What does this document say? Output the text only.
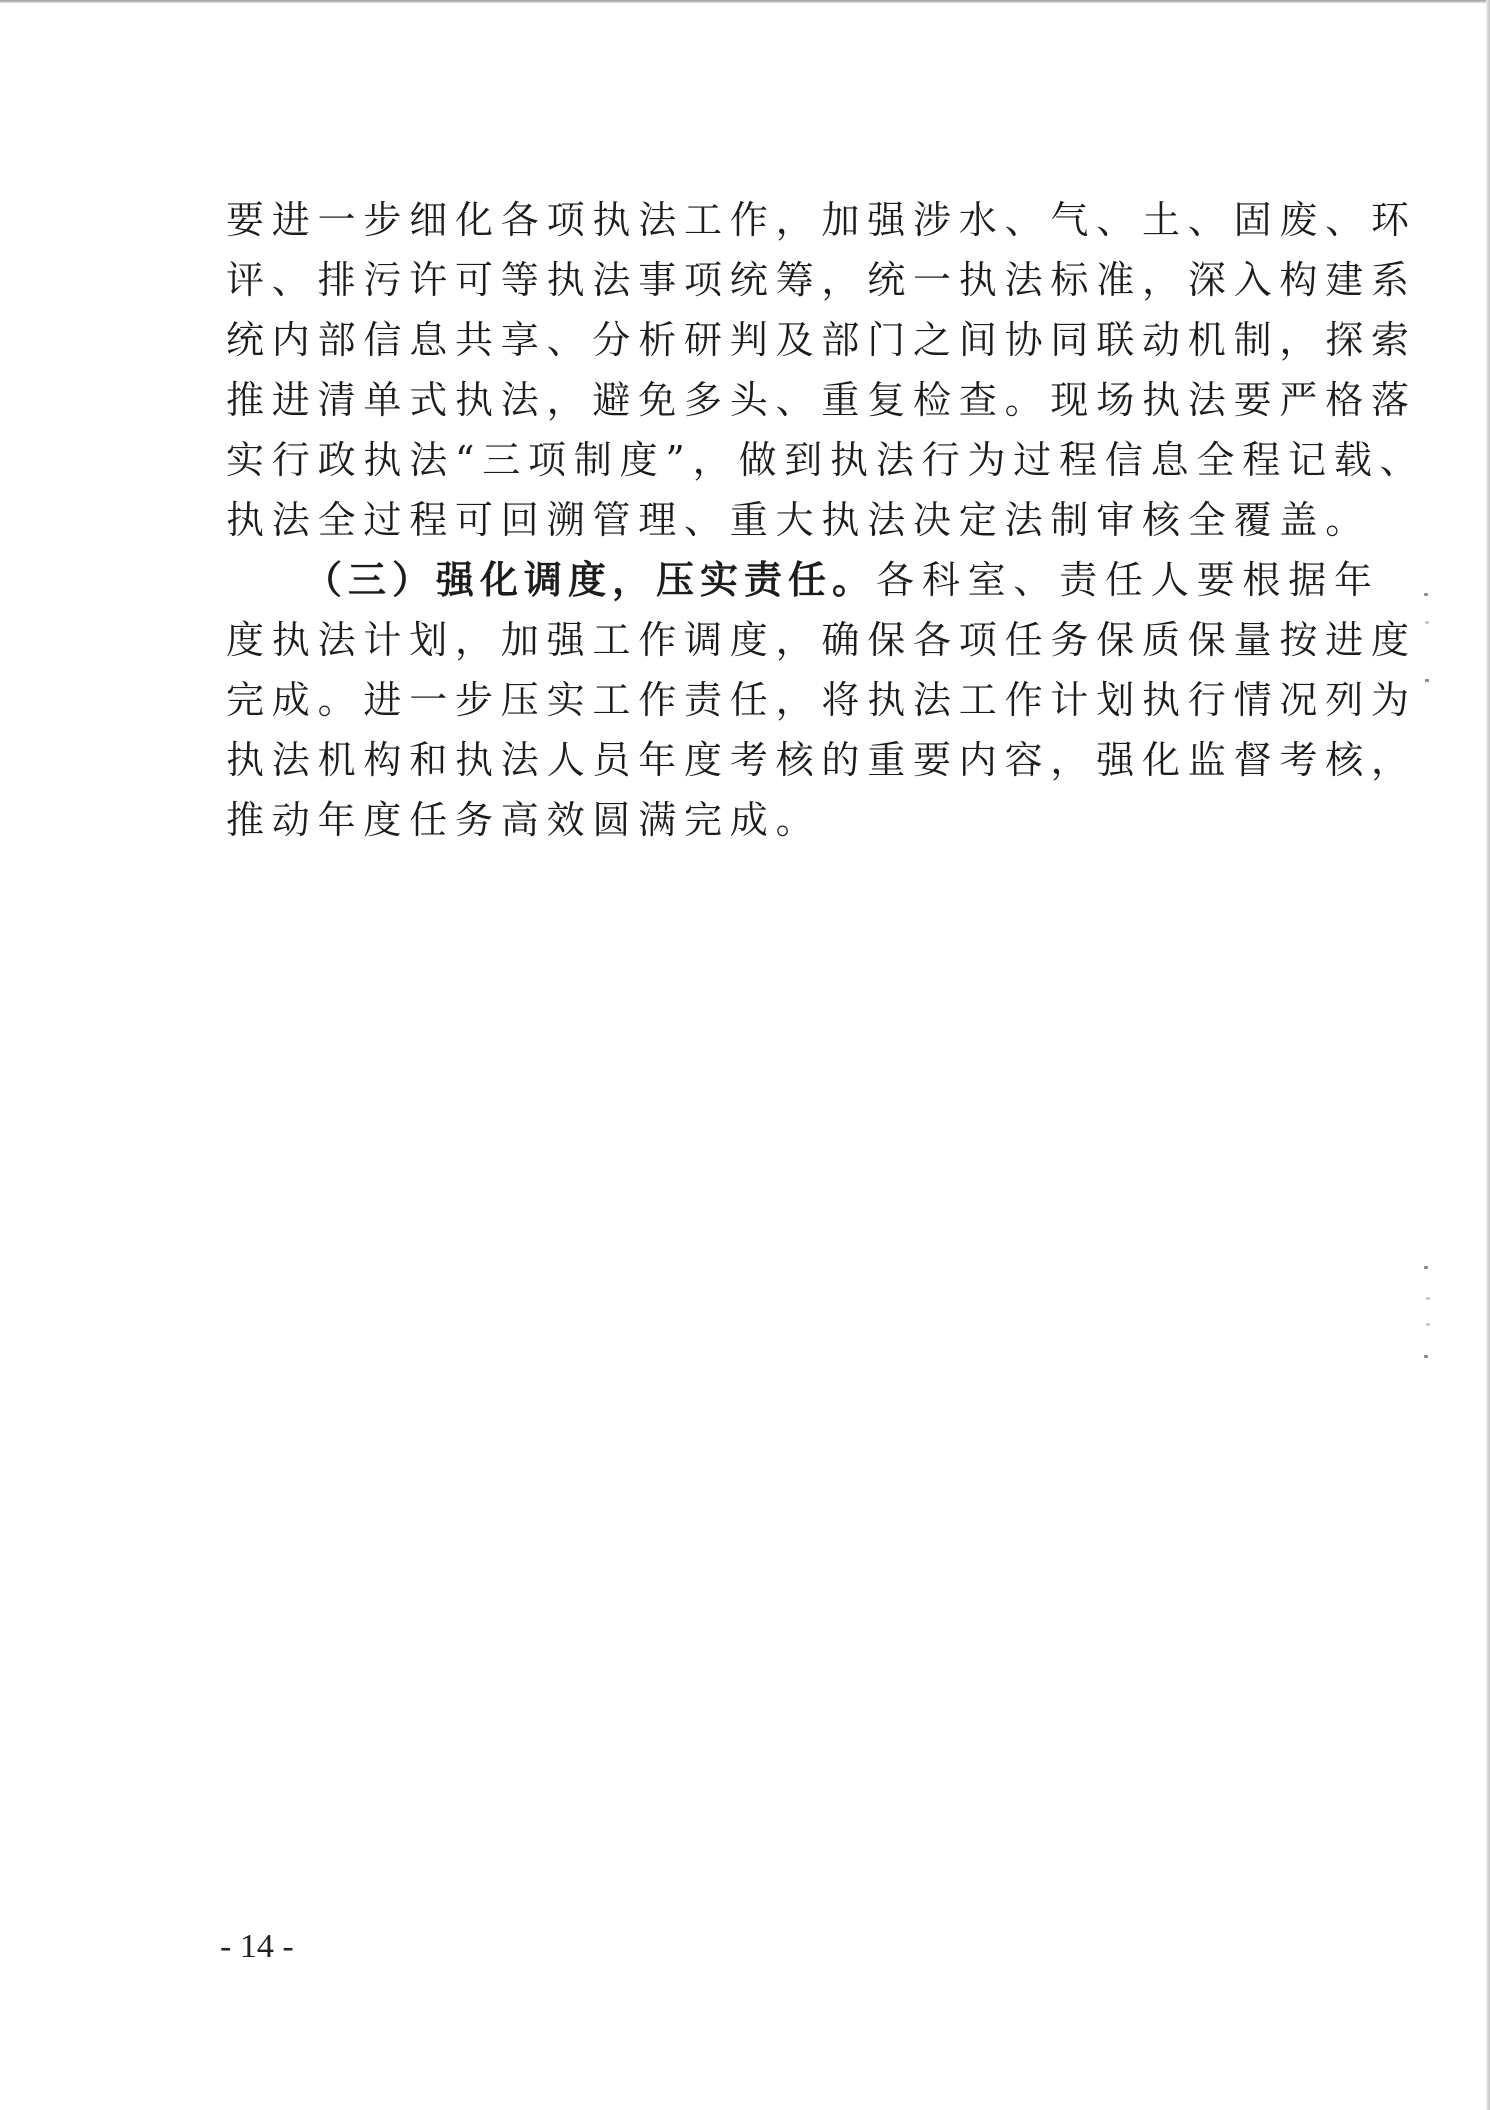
要进一步细化各项执法工作，加强涉水、气、土、固废、环
评、排污许可等执法事项统筹，统一执法标准，深入构建系
统内部信息共享、分析研判及部门之间协同联动机制，探索
推进清单式执法，避免多头、重复检查。现场执法要严格落
实行政执法“三项制度”，做到执法行为过程信息全程记载、
执法全过程可回溯管理、重大执法决定法制审核全覆盖。
（三）强化调度，压实责任。各科室、责任人要根据年
度执法计划，加强工作调度，确保各项任务保质保量按进度
完成。进一步压实工作责任，将执法工作计划执行情况列为
执法机构和执法人员年度考核的重要内容，强化监督考核，
推动年度任务高效圆满完成。
- 14 -
